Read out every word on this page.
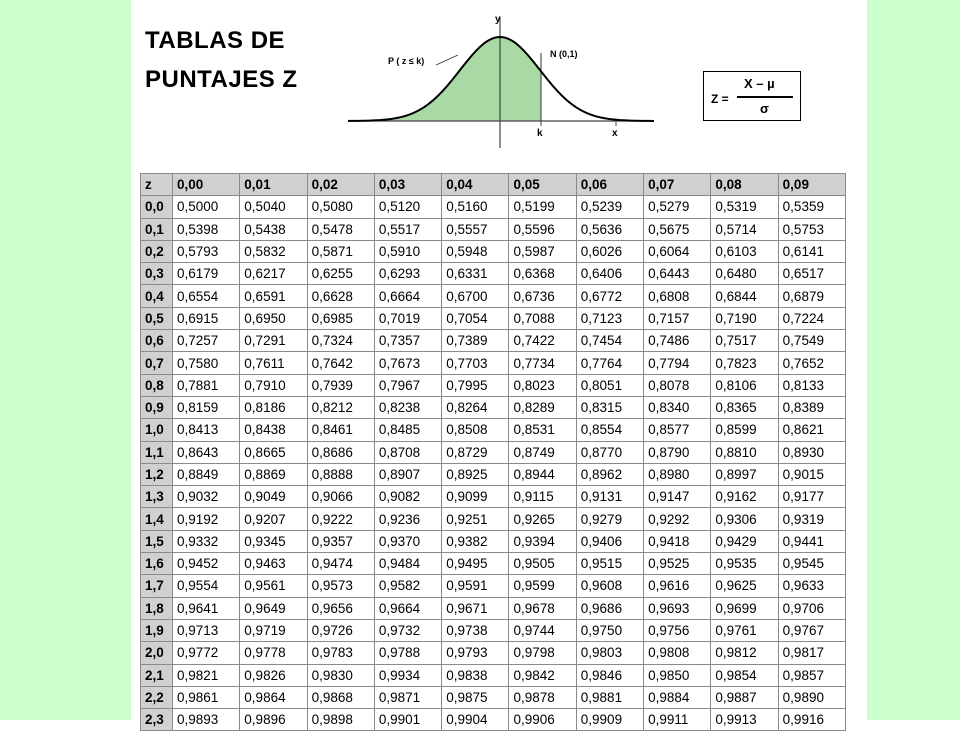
TABLAS DE
PUNTAJES Z
y
x
k
P ( z ≤ k)
N (0,1)
Z =
X – µ
σ
z	0,00	0,01	0,02	0,03	0,04	0,05	0,06	0,07	0,08	0,09
0,0	0,5000	0,5040	0,5080	0,5120	0,5160	0,5199	0,5239	0,5279	0,5319	0,5359
0,1	0,5398	0,5438	0,5478	0,5517	0,5557	0,5596	0,5636	0,5675	0,5714	0,5753
0,2	0,5793	0,5832	0,5871	0,5910	0,5948	0,5987	0,6026	0,6064	0,6103	0,6141
0,3	0,6179	0,6217	0,6255	0,6293	0,6331	0,6368	0,6406	0,6443	0,6480	0,6517
0,4	0,6554	0,6591	0,6628	0,6664	0,6700	0,6736	0,6772	0,6808	0,6844	0,6879
0,5	0,6915	0,6950	0,6985	0,7019	0,7054	0,7088	0,7123	0,7157	0,7190	0,7224
0,6	0,7257	0,7291	0,7324	0,7357	0,7389	0,7422	0,7454	0,7486	0,7517	0,7549
0,7	0,7580	0,7611	0,7642	0,7673	0,7703	0,7734	0,7764	0,7794	0,7823	0,7652
0,8	0,7881	0,7910	0,7939	0,7967	0,7995	0,8023	0,8051	0,8078	0,8106	0,8133
0,9	0,8159	0,8186	0,8212	0,8238	0,8264	0,8289	0,8315	0,8340	0,8365	0,8389
1,0	0,8413	0,8438	0,8461	0,8485	0,8508	0,8531	0,8554	0,8577	0,8599	0,8621
1,1	0,8643	0,8665	0,8686	0,8708	0,8729	0,8749	0,8770	0,8790	0,8810	0,8930
1,2	0,8849	0,8869	0,8888	0,8907	0,8925	0,8944	0,8962	0,8980	0,8997	0,9015
1,3	0,9032	0,9049	0,9066	0,9082	0,9099	0,9115	0,9131	0,9147	0,9162	0,9177
1,4	0,9192	0,9207	0,9222	0,9236	0,9251	0,9265	0,9279	0,9292	0,9306	0,9319
1,5	0,9332	0,9345	0,9357	0,9370	0,9382	0,9394	0,9406	0,9418	0,9429	0,9441
1,6	0,9452	0,9463	0,9474	0,9484	0,9495	0,9505	0,9515	0,9525	0,9535	0,9545
1,7	0,9554	0,9561	0,9573	0,9582	0,9591	0,9599	0,9608	0,9616	0,9625	0,9633
1,8	0,9641	0,9649	0,9656	0,9664	0,9671	0,9678	0,9686	0,9693	0,9699	0,9706
1,9	0,9713	0,9719	0,9726	0,9732	0,9738	0,9744	0,9750	0,9756	0,9761	0,9767
2,0	0,9772	0,9778	0,9783	0,9788	0,9793	0,9798	0,9803	0,9808	0,9812	0,9817
2,1	0,9821	0,9826	0,9830	0,9934	0,9838	0,9842	0,9846	0,9850	0,9854	0,9857
2,2	0,9861	0,9864	0,9868	0,9871	0,9875	0,9878	0,9881	0,9884	0,9887	0,9890
2,3	0,9893	0,9896	0,9898	0,9901	0,9904	0,9906	0,9909	0,9911	0,9913	0,9916
